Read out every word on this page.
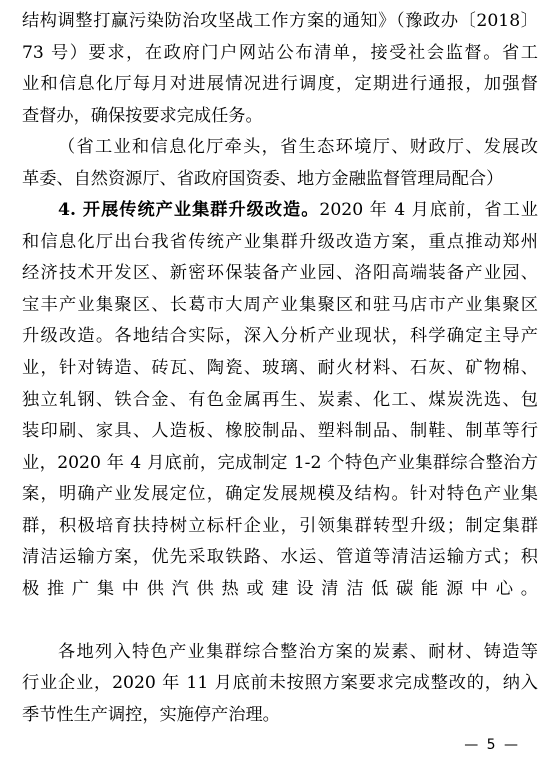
结构调整打赢污染防治攻坚战工作方案的通知》（豫政办〔2018〕
73 号）要求，在政府门户网站公布清单，接受社会监督。省工
业和信息化厅每月对进展情况进行调度，定期进行通报，加强督
查督办，确保按要求完成任务。
（省工业和信息化厅牵头，省生态环境厅、财政厅、发展改
革委、自然资源厅、省政府国资委、地方金融监督管理局配合）
4. 开展传统产业集群升级改造。2020 年 4 月底前，省工业
和信息化厅出台我省传统产业集群升级改造方案，重点推动郑州
经济技术开发区、新密环保装备产业园、洛阳高端装备产业园、
宝丰产业集聚区、长葛市大周产业集聚区和驻马店市产业集聚区
升级改造。各地结合实际，深入分析产业现状，科学确定主导产
业，针对铸造、砖瓦、陶瓷、玻璃、耐火材料、石灰、矿物棉、
独立轧钢、铁合金、有色金属再生、炭素、化工、煤炭洗选、包
装印刷、家具、人造板、橡胶制品、塑料制品、制鞋、制革等行
业，2020 年 4 月底前，完成制定 1-2 个特色产业集群综合整治方
案，明确产业发展定位，确定发展规模及结构。针对特色产业集
群，积极培育扶持树立标杆企业，引领集群转型升级；制定集群
清洁运输方案，优先采取铁路、水运、管道等清洁运输方式；积
极推广集中供汽供热或建设清洁低碳能源中心。
各地列入特色产业集群综合整治方案的炭素、耐材、铸造等
行业企业，2020 年 11 月底前未按照方案要求完成整改的，纳入
季节性生产调控，实施停产治理。
— 5 —
